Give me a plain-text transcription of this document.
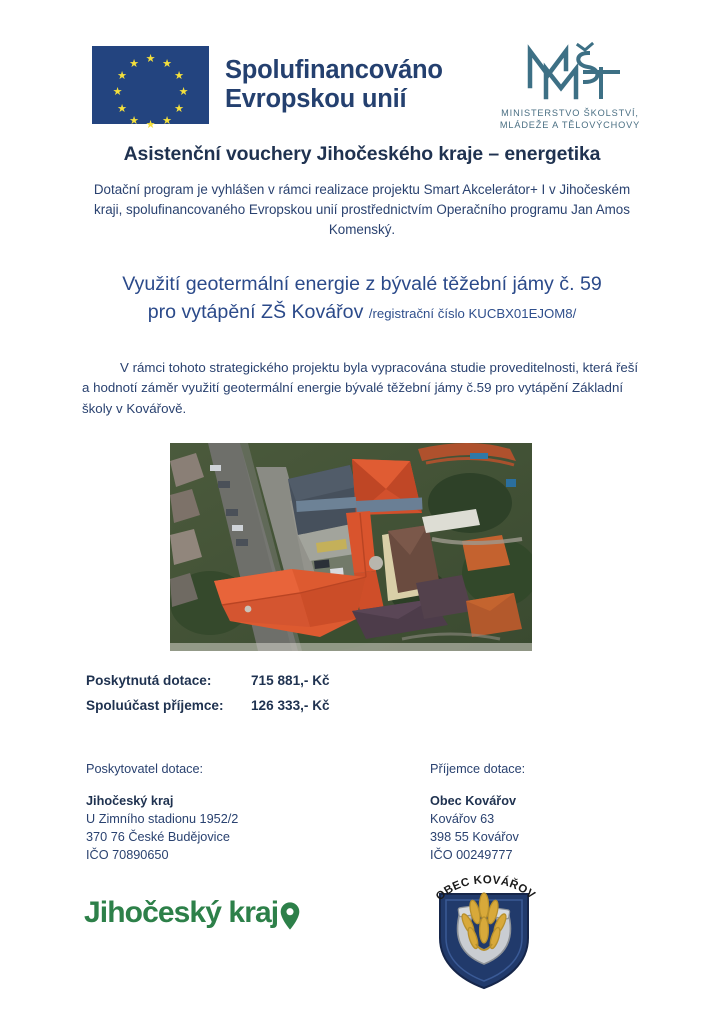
★ ★
★
★
★
★
★
★
★
★
★
★	Spolufinancováno
Evropskou unií	MINISTERSTVO ŠKOLSTVÍ,
MLÁDEŽE A TĚLOVÝCHOVY
Asistenční vouchery Jihočeského kraje – energetika
Dotační program je vyhlášen v rámci realizace projektu Smart Akcelerátor+ I v Jihočeském kraji, spolufinancovaného Evropskou unií prostřednictvím Operačního programu Jan Amos Komenský.
Využití geotermální energie z bývalé těžební jámy č. 59
pro vytápění ZŠ Kovářov /registrační číslo KUCBX01EJOM8/
V rámci tohoto strategického projektu byla vypracována studie proveditelnosti, která řeší a hodnotí záměr využití geotermální energie bývalé těžební jámy č.59 pro vytápění Základní školy v Kovářově.
Poskytnutá dotace:	715 881,- Kč
Spoluúčast příjemce:	126 333,- Kč
Poskytovatel dotace:
Jihočeský kraj
U Zimního stadionu 1952/2
370 76 České Budějovice
IČO 70890650
Příjemce dotace:
Obec Kovářov
Kovářov 63
398 55 Kovářov
IČO 00249777
Jihočeský kraj
OBEC KOVÁŘOV
